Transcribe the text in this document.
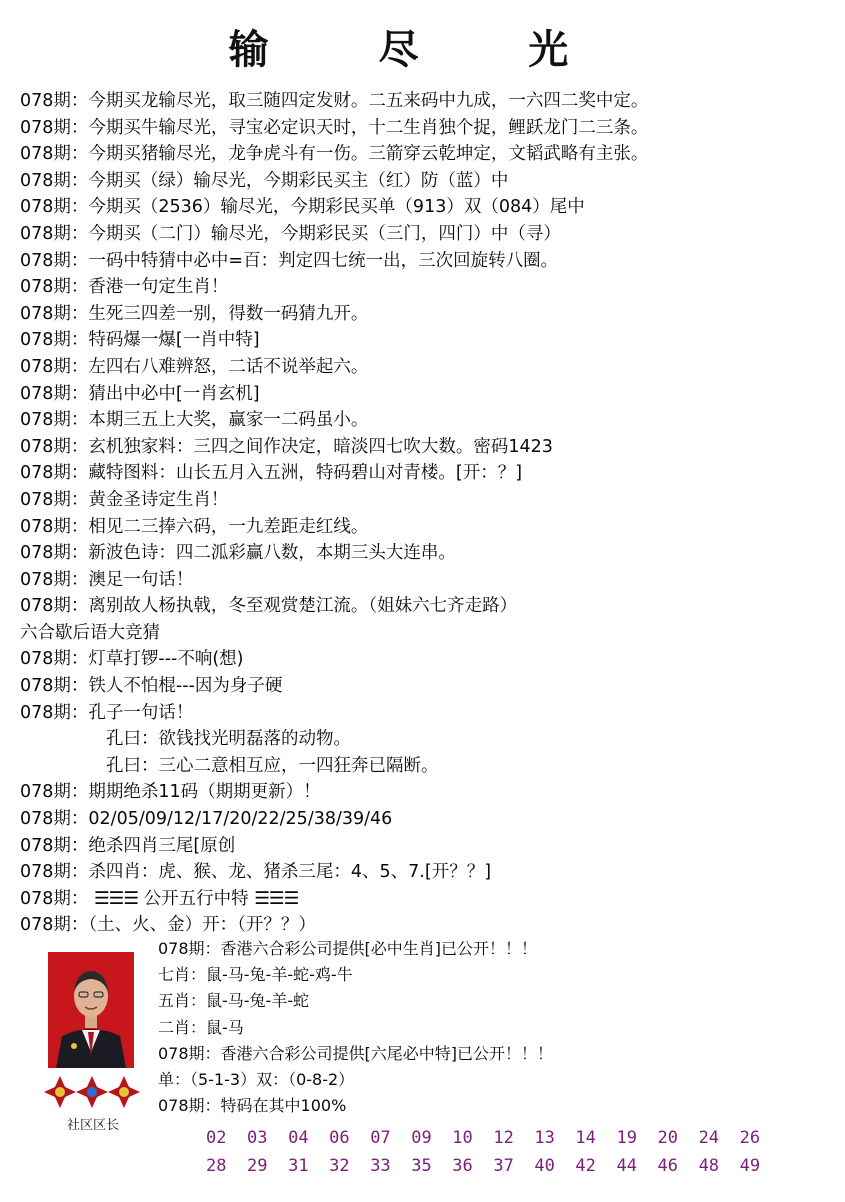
输 尽 光
078期：今期买龙输尽光，取三随四定发财。二五来码中九成，一六四二奖中定。
078期：今期买牛输尽光，寻宝必定识天时，十二生肖独个捉，鲤跃龙门二三条。
078期：今期买猪输尽光，龙争虎斗有一伤。三箭穿云乾坤定，文韬武略有主张。
078期：今期买（绿）输尽光，今期彩民买主（红）防（蓝）中
078期：今期买（2536）输尽光，今期彩民买单（913）双（084）尾中
078期：今期买（二门）输尽光，今期彩民买（三门，四门）中（寻）
078期：一码中特猜中必中=百：判定四七统一出，三次回旋转八圈。
078期：香港一句定生肖！
078期：生死三四差一别，得数一码猜九开。
078期：特码爆一爆[一肖中特]
078期：左四右八难辨怒，二话不说举起六。
078期：猜出中必中[一肖玄机]
078期：本期三五上大奖，赢家一二码虽小。
078期：玄机独家料：三四之间作决定，暗淡四七吹大数。密码1423
078期：藏特图料：山长五月入五洲，特码碧山对青楼。[开：？]
078期：黄金圣诗定生肖！
078期：相见二三捧六码，一九差距走红线。
078期：新波色诗：四二泒彩赢八数，本期三头大连串。
078期：澳足一句话！
078期：离别故人杨执戟，冬至观赏楚江流。（姐妹六七齐走路）
六合歇后语大竞猜
078期：灯草打锣---不响(想)
078期：铁人不怕棍---因为身子硬
078期：孔子一句话！
孔曰：欲钱找光明磊落的动物。
孔曰：三心二意相互应，一四狂奔已隔断。
078期：期期绝杀11码（期期更新）！
078期：02/05/09/12/17/20/22/25/38/39/46
078期：绝杀四肖三尾[原创
078期：杀四肖：虎、猴、龙、猪杀三尾：4、5、7.[开？？]
078期： ☰☰☰ 公开五行中特 ☰☰☰
078期：（土、火、金）开：（开？？）
社区区长
078期：香港六合彩公司提供[必中生肖]已公开！！！
七肖：鼠-马-兔-羊-蛇-鸡-牛
五肖：鼠-马-兔-羊-蛇
二肖：鼠-马
078期：香港六合彩公司提供[六尾必中特]已公开！！！
单：（5-1-3）双：（0-8-2）
078期：特码在其中100%
02 03 04 06 07 09 10 12 13 14 19 20 24 26
28 29 31 32 33 35 36 37 40 42 44 46 48 49
